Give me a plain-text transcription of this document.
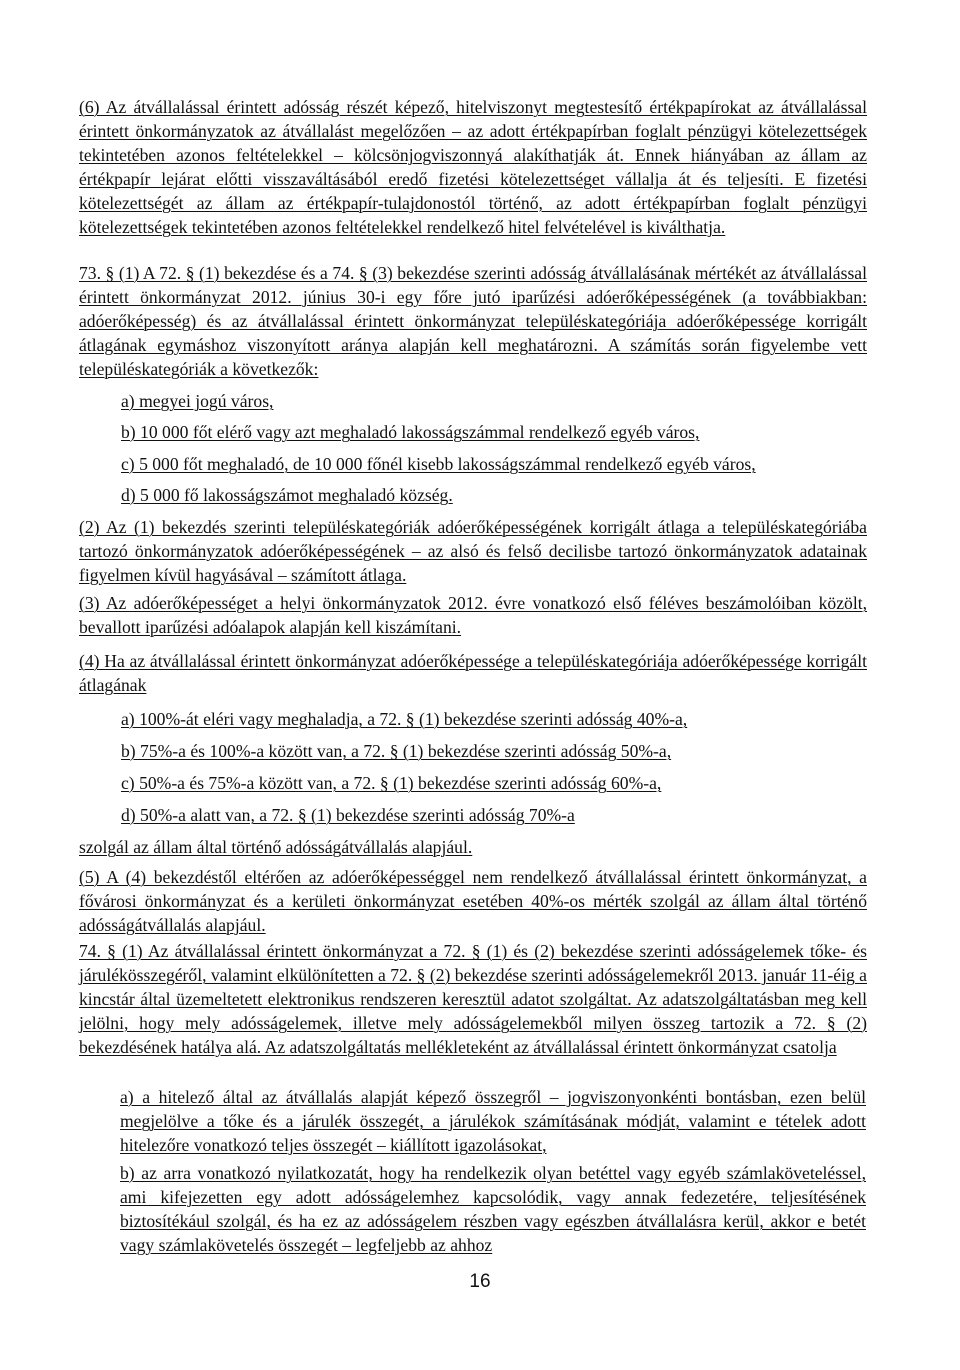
(6) Az átvállalással érintett adósság részét képező, hitelviszonyt megtestesítő értékpapírokat az átvállalással érintett önkormányzatok az átvállalást megelőzően – az adott értékpapírban foglalt pénzügyi kötelezettségek tekintetében azonos feltételekkel – kölcsönjogviszonnyá alakíthatják át. Ennek hiányában az állam az értékpapír lejárat előtti visszaváltásából eredő fizetési kötelezettséget vállalja át és teljesíti. E fizetési kötelezettségét az állam az értékpapír-tulajdonostól történő, az adott értékpapírban foglalt pénzügyi kötelezettségek tekintetében azonos feltételekkel rendelkező hitel felvételével is kiválthatja.

73. § (1) A 72. § (1) bekezdése és a 74. § (3) bekezdése szerinti adósság átvállalásának mértékét az átvállalással érintett önkormányzat 2012. június 30-i egy főre jutó iparűzési adóerőképességének (a továbbiakban: adóerőképesség) és az átvállalással érintett önkormányzat településkategóriája adóerőképessége korrigált átlagának egymáshoz viszonyított aránya alapján kell meghatározni. A számítás során figyelembe vett településkategóriák a következők:

a) megyei jogú város,

b) 10 000 főt elérő vagy azt meghaladó lakosságszámmal rendelkező egyéb város,

c) 5 000 főt meghaladó, de 10 000 főnél kisebb lakosságszámmal rendelkező egyéb város,

d) 5 000 fő lakosságszámot meghaladó község.

(2) Az (1) bekezdés szerinti településkategóriák adóerőképességének korrigált átlaga a településkategóriába tartozó önkormányzatok adóerőképességének – az alsó és felső decilisbe tartozó önkormányzatok adatainak figyelmen kívül hagyásával – számított átlaga.

(3) Az adóerőképességet a helyi önkormányzatok 2012. évre vonatkozó első féléves beszámolóiban közölt, bevallott iparűzési adóalapok alapján kell kiszámítani.

(4) Ha az átvállalással érintett önkormányzat adóerőképessége a településkategóriája adóerőképessége korrigált átlagának

a) 100%-át eléri vagy meghaladja, a 72. § (1) bekezdése szerinti adósság 40%-a,

b) 75%-a és 100%-a között van, a 72. § (1) bekezdése szerinti adósság 50%-a,

c) 50%-a és 75%-a között van, a 72. § (1) bekezdése szerinti adósság 60%-a,

d) 50%-a alatt van, a 72. § (1) bekezdése szerinti adósság 70%-a

szolgál az állam által történő adósságátvállalás alapjául.

(5) A (4) bekezdéstől eltérően az adóerőképességgel nem rendelkező átvállalással érintett önkormányzat, a fővárosi önkormányzat és a kerületi önkormányzat esetében 40%-os mérték szolgál az állam által történő adósságátvállalás alapjául.

74. § (1) Az átvállalással érintett önkormányzat a 72. § (1) és (2) bekezdése szerinti adósságelemek tőke- és járulékösszegéről, valamint elkülönítetten a 72. § (2) bekezdése szerinti adósságelemekről 2013. január 11-éig a kincstár által üzemeltetett elektronikus rendszeren keresztül adatot szolgáltat. Az adatszolgáltatásban meg kell jelölni, hogy mely adósságelemek, illetve mely adósságelemekből milyen összeg tartozik a 72. § (2) bekezdésének hatálya alá. Az adatszolgáltatás mellékleteként az átvállalással érintett önkormányzat csatolja

a) a hitelező által az átvállalás alapját képező összegről – jogviszonyonkénti bontásban, ezen belül megjelölve a tőke és a járulék összegét, a járulékok számításának módját, valamint e tételek adott hitelezőre vonatkozó teljes összegét – kiállított igazolásokat,

b) az arra vonatkozó nyilatkozatát, hogy ha rendelkezik olyan betéttel vagy egyéb számlaköveteléssel, ami kifejezetten egy adott adósságelemhez kapcsolódik, vagy annak fedezetére, teljesítésének biztosítékául szolgál, és ha ez az adósságelem részben vagy egészben átvállalásra kerül, akkor e betét vagy számlakövetelés összegét – legfeljebb az ahhoz

16
